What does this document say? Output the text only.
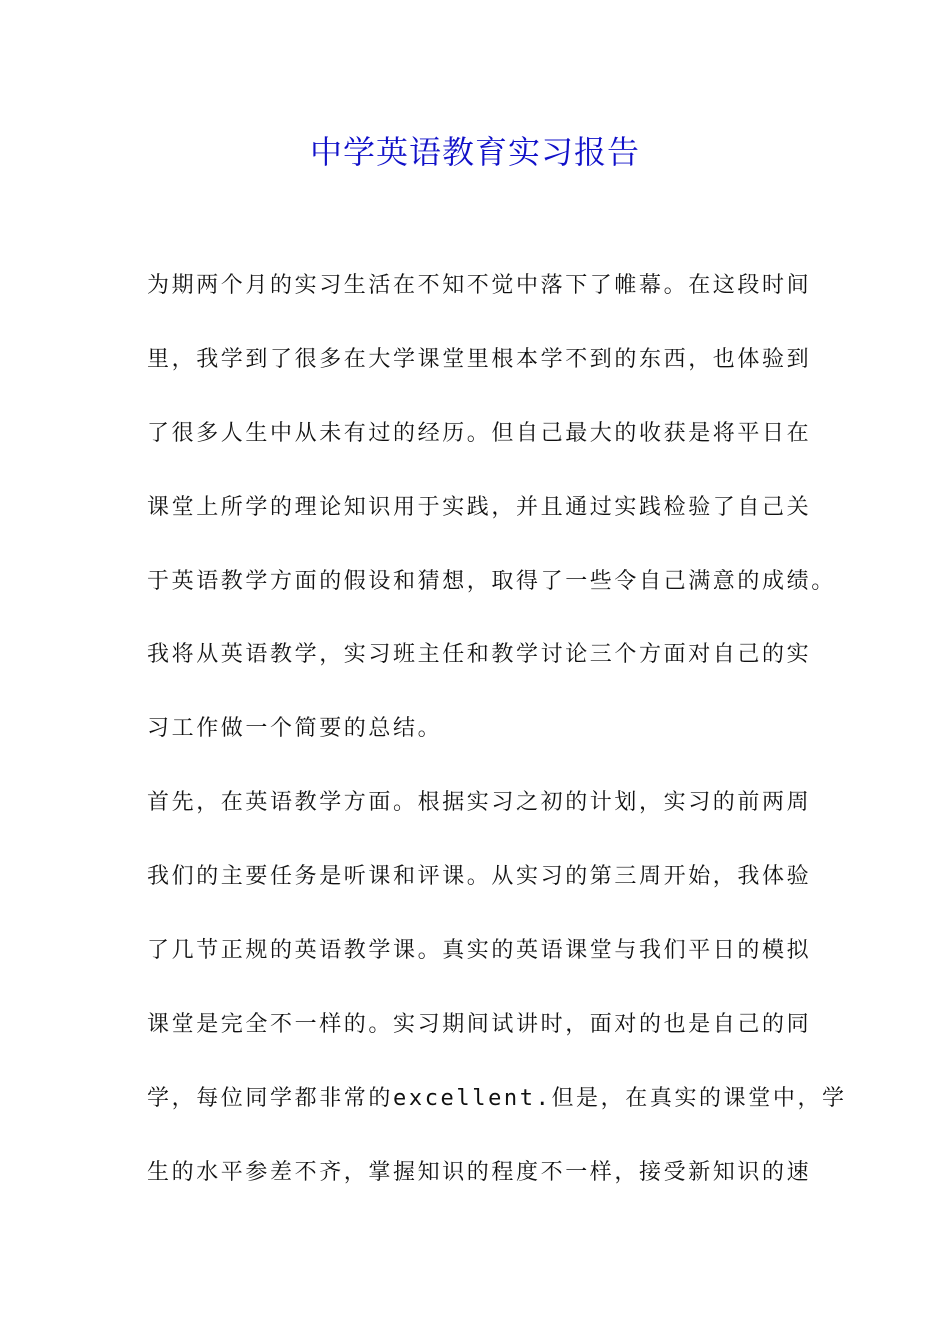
中学英语教育实习报告
为期两个月的实习生活在不知不觉中落下了帷幕。在这段时间
里，我学到了很多在大学课堂里根本学不到的东西，也体验到
了很多人生中从未有过的经历。但自己最大的收获是将平日在
课堂上所学的理论知识用于实践，并且通过实践检验了自己关
于英语教学方面的假设和猜想，取得了一些令自己满意的成绩。
我将从英语教学，实习班主任和教学讨论三个方面对自己的实
习工作做一个简要的总结。
首先，在英语教学方面。根据实习之初的计划，实习的前两周
我们的主要任务是听课和评课。从实习的第三周开始，我体验
了几节正规的英语教学课。真实的英语课堂与我们平日的模拟
课堂是完全不一样的。实习期间试讲时，面对的也是自己的同
学，每位同学都非常的excellent.但是，在真实的课堂中，学
生的水平参差不齐，掌握知识的程度不一样，接受新知识的速
